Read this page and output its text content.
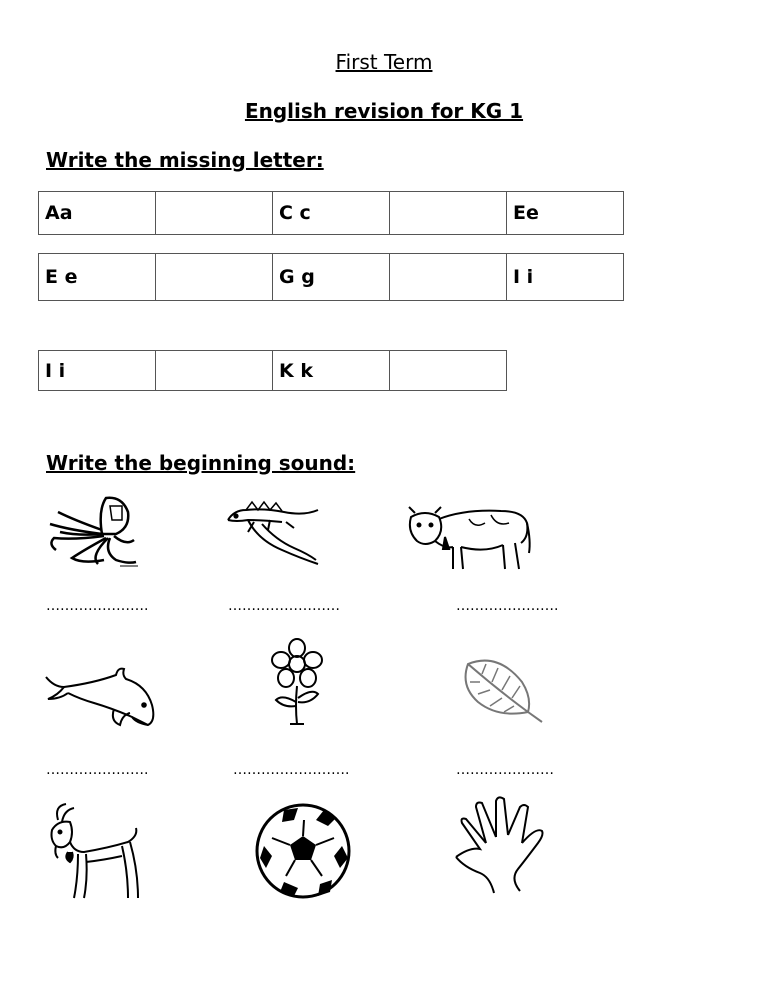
First Term
English revision for KG 1
Write the missing letter:
Aa		C c		Ee
E e		G g		I i
I i		K k	
Write the beginning sound:
………………….	……………………	………………….
………………….	…………………….	…………………
